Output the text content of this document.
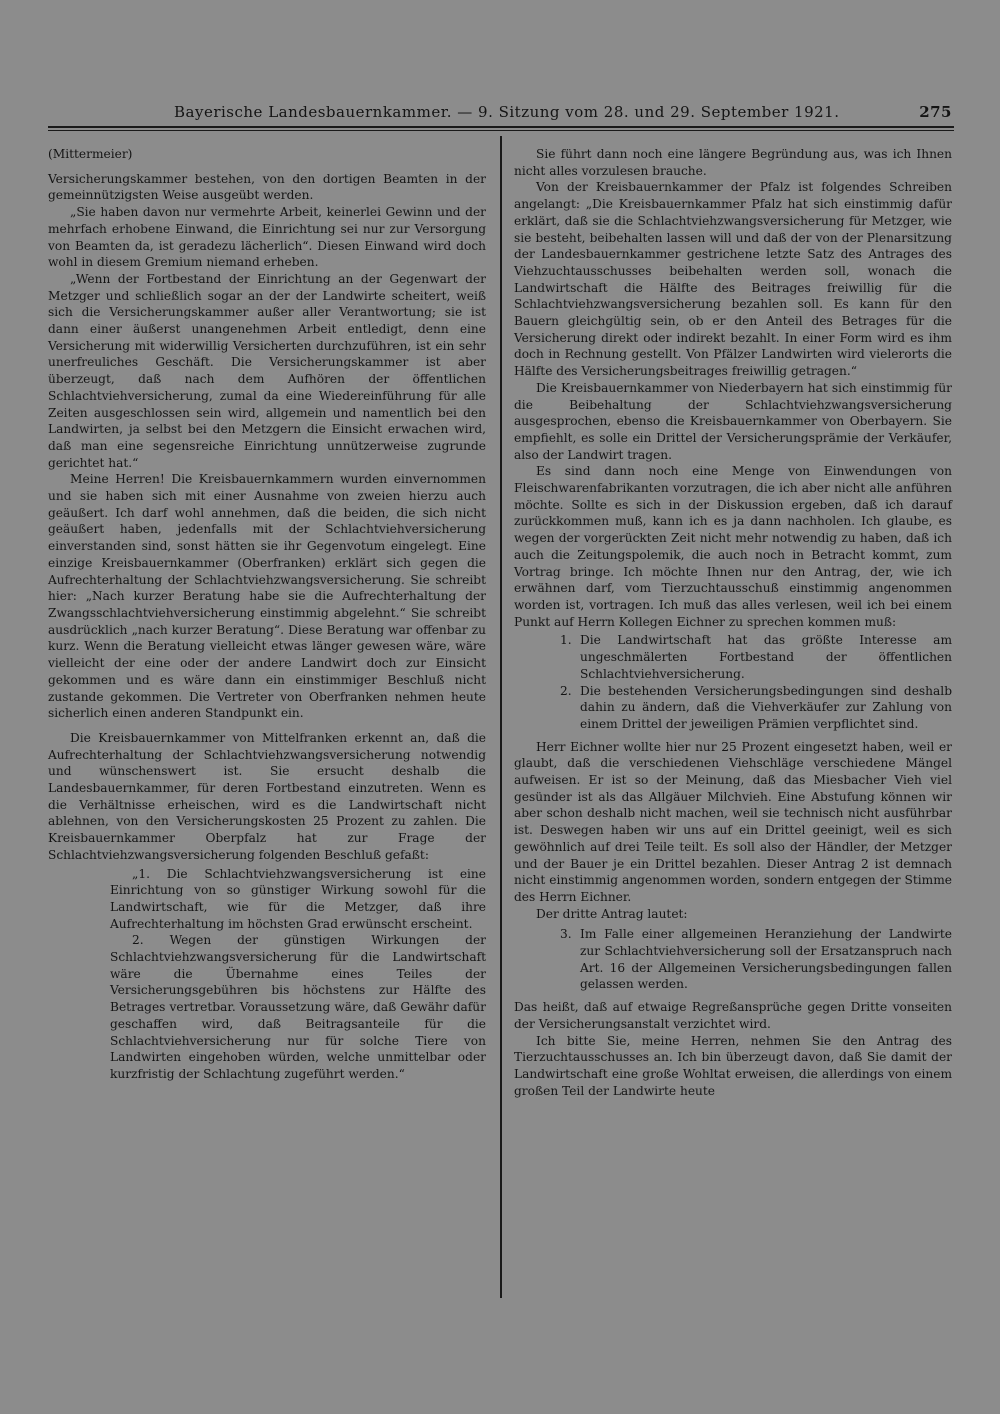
Bayerische Landesbauernkammer. — 9. Sitzung vom 28. und 29. September 1921.	275

(Mittermeier)

Versicherungskammer bestehen, von den dortigen Beamten in der gemeinnützigsten Weise ausgeübt werden.

„Sie haben davon nur vermehrte Arbeit, keinerlei Gewinn und der mehrfach erhobene Einwand, die Einrichtung sei nur zur Versorgung von Beamten da, ist geradezu lächerlich“. Diesen Einwand wird doch wohl in diesem Gremium niemand erheben.

„Wenn der Fortbestand der Einrichtung an der Gegenwart der Metzger und schließlich sogar an der der Landwirte scheitert, weiß sich die Versicherungskammer außer aller Verantwortung; sie ist dann einer äußerst unangenehmen Arbeit entledigt, denn eine Versicherung mit widerwillig Versicherten durchzuführen, ist ein sehr unerfreuliches Geschäft. Die Versicherungskammer ist aber überzeugt, daß nach dem Aufhören der öffentlichen Schlachtviehversicherung, zumal da eine Wiedereinführung für alle Zeiten ausgeschlossen sein wird, allgemein und namentlich bei den Landwirten, ja selbst bei den Metzgern die Einsicht erwachen wird, daß man eine segensreiche Einrichtung unnützerweise zugrunde gerichtet hat.“

Meine Herren! Die Kreisbauernkammern wurden einvernommen und sie haben sich mit einer Ausnahme von zweien hierzu auch geäußert. Ich darf wohl annehmen, daß die beiden, die sich nicht geäußert haben, jedenfalls mit der Schlachtviehversicherung einverstanden sind, sonst hätten sie ihr Gegenvotum eingelegt. Eine einzige Kreisbauernkammer (Oberfranken) erklärt sich gegen die Aufrechterhaltung der Schlachtviehzwangsversicherung. Sie schreibt hier: „Nach kurzer Beratung habe sie die Aufrechterhaltung der Zwangsschlachtviehversicherung einstimmig abgelehnt.“ Sie schreibt ausdrücklich „nach kurzer Beratung“. Diese Beratung war offenbar zu kurz. Wenn die Beratung vielleicht etwas länger gewesen wäre, wäre vielleicht der eine oder der andere Landwirt doch zur Einsicht gekommen und es wäre dann ein einstimmiger Beschluß nicht zustande gekommen. Die Vertreter von Oberfranken nehmen heute sicherlich einen anderen Standpunkt ein.

Die Kreisbauernkammer von Mittelfranken erkennt an, daß die Aufrechterhaltung der Schlachtviehzwangsversicherung notwendig und wünschenswert ist. Sie ersucht deshalb die Landesbauernkammer, für deren Fortbestand einzutreten. Wenn es die Verhältnisse erheischen, wird es die Landwirtschaft nicht ablehnen, von den Versicherungskosten 25 Prozent zu zahlen. Die Kreisbauernkammer Oberpfalz hat zur Frage der Schlachtviehzwangsversicherung folgenden Beschluß gefaßt:

„1. Die Schlachtviehzwangsversicherung ist eine Einrichtung von so günstiger Wirkung sowohl für die Landwirtschaft, wie für die Metzger, daß ihre Aufrechterhaltung im höchsten Grad erwünscht erscheint.

2. Wegen der günstigen Wirkungen der Schlachtviehzwangsversicherung für die Landwirtschaft wäre die Übernahme eines Teiles der Versicherungsgebühren bis höchstens zur Hälfte des Betrages vertretbar. Voraussetzung wäre, daß Gewähr dafür geschaffen wird, daß Beitragsanteile für die Schlachtviehversicherung nur für solche Tiere von Landwirten eingehoben würden, welche unmittelbar oder kurzfristig der Schlachtung zugeführt werden.“

Sie führt dann noch eine längere Begründung aus, was ich Ihnen nicht alles vorzulesen brauche.

Von der Kreisbauernkammer der Pfalz ist folgendes Schreiben angelangt: „Die Kreisbauernkammer Pfalz hat sich einstimmig dafür erklärt, daß sie die Schlachtviehzwangsversicherung für Metzger, wie sie besteht, beibehalten lassen will und daß der von der Plenarsitzung der Landesbauernkammer gestrichene letzte Satz des Antrages des Viehzuchtausschusses beibehalten werden soll, wonach die Landwirtschaft die Hälfte des Beitrages freiwillig für die Schlachtviehzwangsversicherung bezahlen soll. Es kann für den Bauern gleichgültig sein, ob er den Anteil des Betrages für die Versicherung direkt oder indirekt bezahlt. In einer Form wird es ihm doch in Rechnung gestellt. Von Pfälzer Landwirten wird vielerorts die Hälfte des Versicherungsbeitrages freiwillig getragen.“

Die Kreisbauernkammer von Niederbayern hat sich einstimmig für die Beibehaltung der Schlachtviehzwangsversicherung ausgesprochen, ebenso die Kreisbauernkammer von Oberbayern. Sie empfiehlt, es solle ein Drittel der Versicherungsprämie der Verkäufer, also der Landwirt tragen.

Es sind dann noch eine Menge von Einwendungen von Fleischwarenfabrikanten vorzutragen, die ich aber nicht alle anführen möchte. Sollte es sich in der Diskussion ergeben, daß ich darauf zurückkommen muß, kann ich es ja dann nachholen. Ich glaube, es wegen der vorgerückten Zeit nicht mehr notwendig zu haben, daß ich auch die Zeitungspolemik, die auch noch in Betracht kommt, zum Vortrag bringe. Ich möchte Ihnen nur den Antrag, der, wie ich erwähnen darf, vom Tierzuchtausschuß einstimmig angenommen worden ist, vortragen. Ich muß das alles verlesen, weil ich bei einem Punkt auf Herrn Kollegen Eichner zu sprechen kommen muß:

1. Die Landwirtschaft hat das größte Interesse am ungeschmälerten Fortbestand der öffentlichen Schlachtviehversicherung.
2. Die bestehenden Versicherungsbedingungen sind deshalb dahin zu ändern, daß die Viehverkäufer zur Zahlung von einem Drittel der jeweiligen Prämien verpflichtet sind.

Herr Eichner wollte hier nur 25 Prozent eingesetzt haben, weil er glaubt, daß die verschiedenen Viehschläge verschiedene Mängel aufweisen. Er ist so der Meinung, daß das Miesbacher Vieh viel gesünder ist als das Allgäuer Milchvieh. Eine Abstufung können wir aber schon deshalb nicht machen, weil sie technisch nicht ausführbar ist. Deswegen haben wir uns auf ein Drittel geeinigt, weil es sich gewöhnlich auf drei Teile teilt. Es soll also der Händler, der Metzger und der Bauer je ein Drittel bezahlen. Dieser Antrag 2 ist demnach nicht einstimmig angenommen worden, sondern entgegen der Stimme des Herrn Eichner.

Der dritte Antrag lautet:

3. Im Falle einer allgemeinen Heranziehung der Landwirte zur Schlachtviehversicherung soll der Ersatzanspruch nach Art. 16 der Allgemeinen Versicherungsbedingungen fallen gelassen werden.

Das heißt, daß auf etwaige Regreßansprüche gegen Dritte vonseiten der Versicherungsanstalt verzichtet wird.

Ich bitte Sie, meine Herren, nehmen Sie den Antrag des Tierzuchtausschusses an. Ich bin überzeugt davon, daß Sie damit der Landwirtschaft eine große Wohltat erweisen, die allerdings von einem großen Teil der Landwirte heute
